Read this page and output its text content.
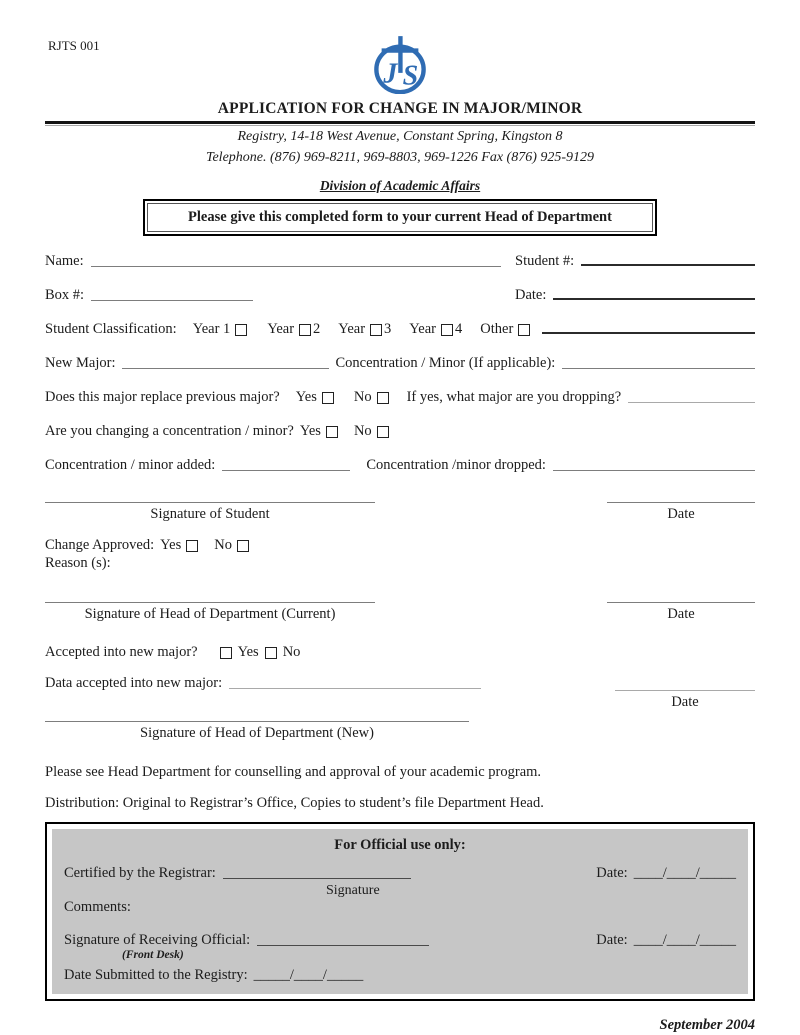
RJTS 001
J S
APPLICATION FOR CHANGE IN MAJOR/MINOR
Registry, 14-18 West Avenue, Constant Spring, Kingston 8
Telephone. (876) 969-8211, 969-8803, 969-1226 Fax (876) 925-9129
Division of Academic Affairs
Please give this completed form to your current Head of Department
Name:	Student #:
Box #:	Date:
Student Classification: Year 1	Year 2 Year 3 Year 4 Other
New Major:	Concentration / Minor (If applicable):
Does this major replace previous major? Yes	No If yes, what major are you dropping?
Are you changing a concentration / minor? Yes No
Concentration / minor added:	Concentration /minor dropped:
Signature of Student	Date
Change Approved: Yes No
Reason (s):
Signature of Head of Department (Current)	Date
Accepted into new major?	Yes No
Data accepted into new major:
Date
Signature of Head of Department (New)
Please see Head Department for counselling and approval of your academic program.
Distribution: Original to Registrar’s Office, Copies to student’s file Department Head.
For Official use only:
Certified by the Registrar:	Date: ____/____/_____
Signature
Comments:
Signature of Receiving Official:	Date: ____/____/_____
(Front Desk)
Date Submitted to the Registry: _____/____/_____
September 2004
